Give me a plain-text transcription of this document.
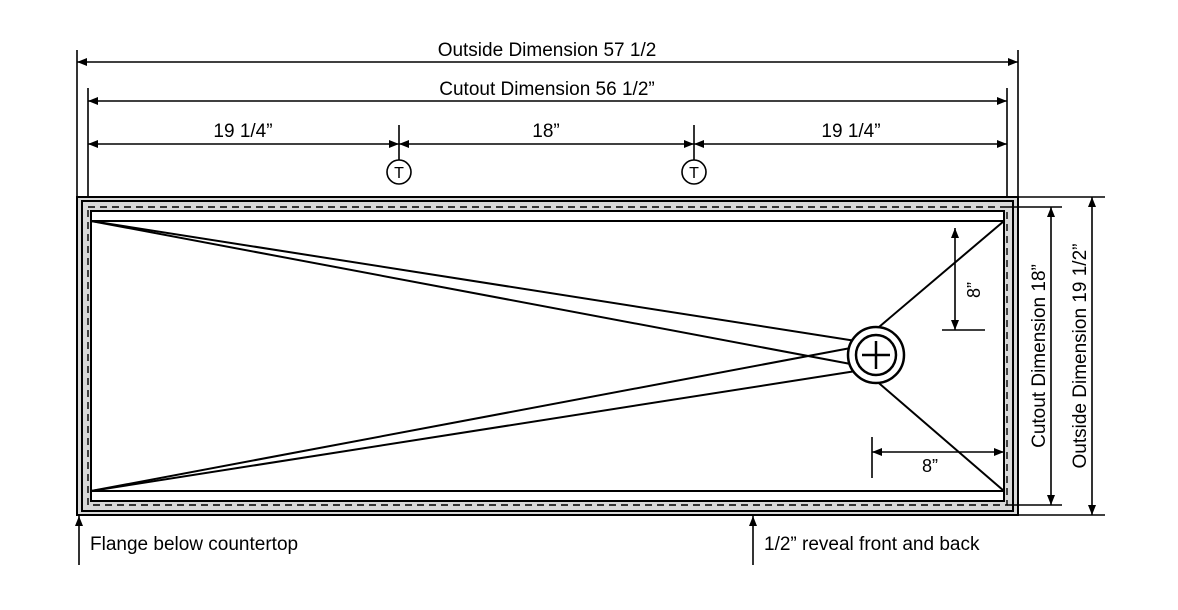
Outside Dimension 57 1/2
Cutout Dimension 56 1/2”
19 1/4”	18”	19 1/4”
T	T
8”
8”
Cutout Dimension 18” Outside Dimension 19 1/2”
Flange below countertop	1/2” reveal front and back
